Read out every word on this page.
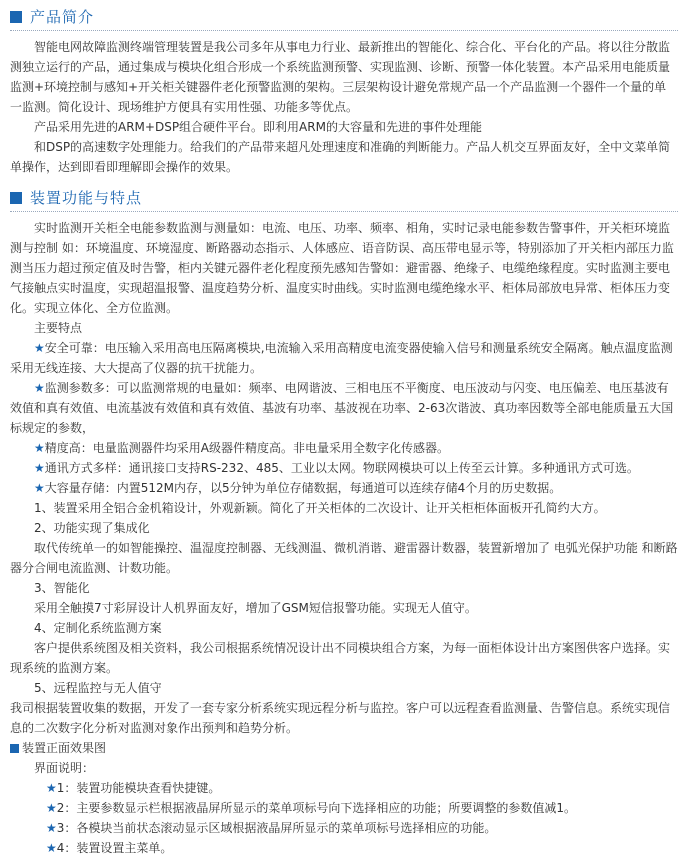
产品简介

智能电网故障监测终端管理装置是我公司多年从事电力行业、最新推出的智能化、综合化、平台化的产品。将以往分散监测独立运行的产品，通过集成与模块化组合形成一个系统监测预警、实现监测、诊断、预警一体化装置。本产品采用电能质量监测+环境控制与感知+开关柜关键器件老化预警监测的架构。三层架构设计避免常规产品一个产品监测一个器件一个量的单一监测。简化设计、现场维护方便具有实用性强、功能多等优点。

产品采用先进的ARM+DSP组合硬件平台。即利用ARM的大容量和先进的事件处理能

和DSP的高速数字处理能力。给我们的产品带来超凡处理速度和准确的判断能力。产品人机交互界面友好，全中文菜单简单操作，达到即看即理解即会操作的效果。

装置功能与特点

实时监测开关柜全电能参数监测与测量如：电流、电压、功率、频率、相角，实时记录电能参数告警事件，开关柜环境监测与控制 如：环境温度、环境湿度、断路器动态指示、人体感应、语音防误、高压带电显示等，特别添加了开关柜内部压力监测当压力超过预定值及时告警，柜内关键元器件老化程度预先感知告警如：避雷器、绝缘子、电缆绝缘程度。实时监测主要电气接触点实时温度，实现超温报警、温度趋势分析、温度实时曲线。实时监测电缆绝缘水平、柜体局部放电异常、柜体压力变化。实现立体化、全方位监测。

主要特点

★安全可靠：电压输入采用高电压隔离模块,电流输入采用高精度电流变器使输入信号和测量系统安全隔离。触点温度监测采用无线连接、大大提高了仪器的抗干扰能力。

★监测参数多：可以监测常规的电量如：频率、电网谐波、三相电压不平衡度、电压波动与闪变、电压偏差、电压基波有效值和真有效值、电流基波有效值和真有效值、基波有功率、基波视在功率、2-63次谐波、真功率因数等全部电能质量五大国标规定的参数，

★精度高：电量监测器件均采用A级器件精度高。非电量采用全数字化传感器。

★通讯方式多样：通讯接口支持RS-232、485、工业以太网。物联网模块可以上传至云计算。多种通讯方式可选。

★大容量存储：内置512M内存，以5分钟为单位存储数据，每通道可以连续存储4个月的历史数据。

1、装置采用全铝合金机箱设计，外观新颖。简化了开关柜体的二次设计、让开关柜柜体面板开孔简约大方。

2、功能实现了集成化

取代传统单一的如智能操控、温湿度控制器、无线测温、微机消谐、避雷器计数器，装置新增加了 电弧光保护功能 和断路器分合闸电流监测、计数功能。

3、智能化

采用全触摸7寸彩屏设计人机界面友好，增加了GSM短信报警功能。实现无人值守。

4、定制化系统监测方案

客户提供系统图及相关资料，我公司根据系统情况设计出不同模块组合方案，为每一面柜体设计出方案图供客户选择。实现系统的监测方案。

5、远程监控与无人值守

我司根据装置收集的数据，开发了一套专家分析系统实现远程分析与监控。客户可以远程查看监测量、告警信息。系统实现信息的二次数字化分析对监测对象作出预判和趋势分析。

装置正面效果图

界面说明：

★1：装置功能模块查看快捷键。

★2：主要参数显示栏根据液晶屏所显示的菜单项标号向下选择相应的功能；所要调整的参数值减1。

★3：各模块当前状态滚动显示区域根据液晶屏所显示的菜单项标号选择相应的功能。

★4：装置设置主菜单。
